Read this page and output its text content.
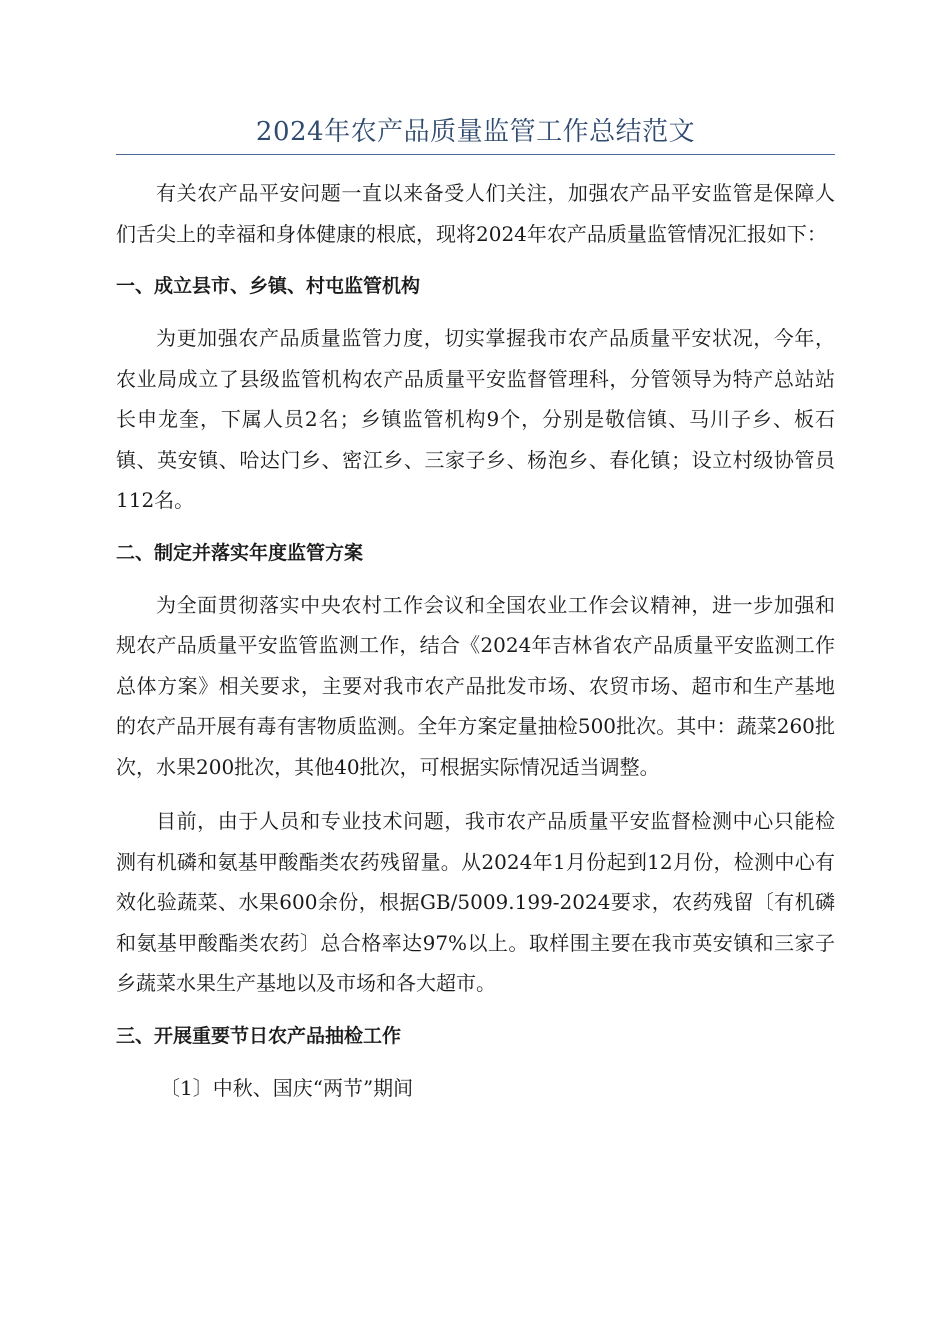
2024年农产品质量监管工作总结范文

有关农产品平安问题一直以来备受人们关注，加强农产品平安监管是保障人们舌尖上的幸福和身体健康的根底，现将2024年农产品质量监管情况汇报如下：

一、成立县市、乡镇、村屯监管机构

为更加强农产品质量监管力度，切实掌握我市农产品质量平安状况，今年，农业局成立了县级监管机构农产品质量平安监督管理科，分管领导为特产总站站长申龙奎，下属人员2名；乡镇监管机构9个，分别是敬信镇、马川子乡、板石镇、英安镇、哈达门乡、密江乡、三家子乡、杨泡乡、春化镇；设立村级协管员112名。

二、制定并落实年度监管方案

为全面贯彻落实中央农村工作会议和全国农业工作会议精神，进一步加强和规农产品质量平安监管监测工作，结合《2024年吉林省农产品质量平安监测工作总体方案》相关要求，主要对我市农产品批发市场、农贸市场、超市和生产基地的农产品开展有毒有害物质监测。全年方案定量抽检500批次。其中：蔬菜260批次，水果200批次，其他40批次，可根据实际情况适当调整。

目前，由于人员和专业技术问题，我市农产品质量平安监督检测中心只能检测有机磷和氨基甲酸酯类农药残留量。从2024年1月份起到12月份，检测中心有效化验蔬菜、水果600余份，根据GB/5009.199-2024要求，农药残留〔有机磷和氨基甲酸酯类农药〕总合格率达97%以上。取样围主要在我市英安镇和三家子乡蔬菜水果生产基地以及市场和各大超市。

三、开展重要节日农产品抽检工作

〔1〕中秋、国庆“两节”期间
